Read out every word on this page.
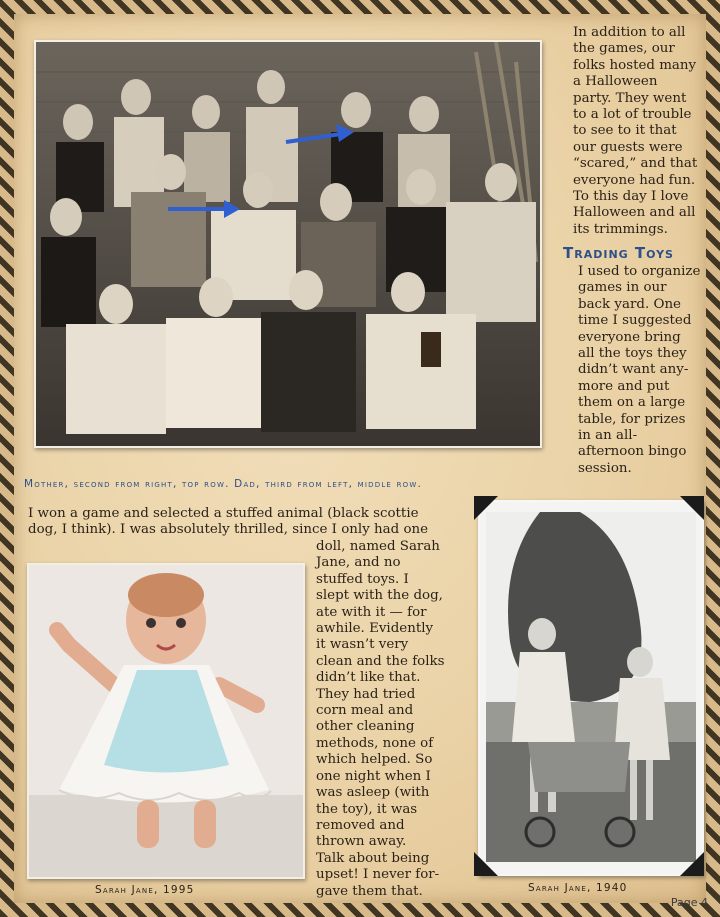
In addition to all
the games, our
folks hosted many
a Halloween
party. They went
to a lot of trouble
to see to it that
our guests were
“scared,” and that
everyone had fun.
To this day I love
Halloween and all
its trimmings.

Trading Toys

I used to organize
games in our
back yard. One
time I suggested
everyone bring
all the toys they
didn’t want any-
more and put
them on a large
table, for prizes
in an all-
afternoon bingo
session.

Mother, second from right, top row. Dad, third from left, middle row.

I won a game and selected a stuffed animal (black scottie
dog, I think). I was absolutely thrilled, since I only had one

doll, named Sarah
Jane, and no
stuffed toys. I
slept with the dog,
ate with it — for
awhile. Evidently
it wasn’t very
clean and the folks
didn’t like that.
They had tried
corn meal and
other cleaning
methods, none of
which helped. So
one night when I
was asleep (with
the toy), it was
removed and
thrown away.
Talk about being
upset! I never for-
gave them that.

Sarah Jane, 1995	Sarah Jane, 1940

Page 4
